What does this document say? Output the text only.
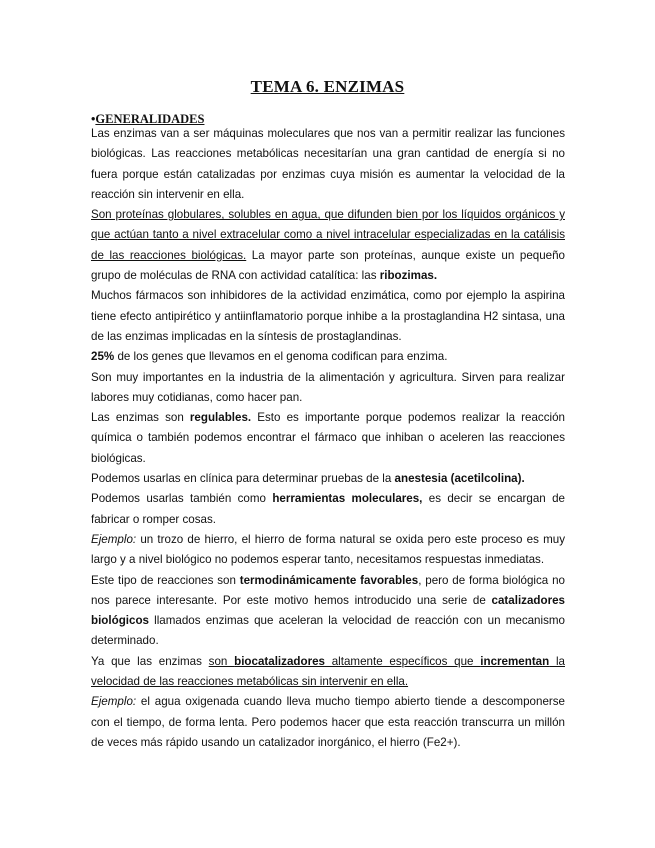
TEMA 6. ENZIMAS
•GENERALIDADES

Las enzimas van a ser máquinas moleculares que nos van a permitir realizar las funciones biológicas. Las reacciones metabólicas necesitarían una gran cantidad de energía si no fuera porque están catalizadas por enzimas cuya misión es aumentar la velocidad de la reacción sin intervenir en ella.

Son proteínas globulares, solubles en agua, que difunden bien por los líquidos orgánicos y que actúan tanto a nivel extracelular como a nivel intracelular especializadas en la catálisis de las reacciones biológicas. La mayor parte son proteínas, aunque existe un pequeño grupo de moléculas de RNA con actividad catalítica: las ribozimas.

Muchos fármacos son inhibidores de la actividad enzimática, como por ejemplo la aspirina tiene efecto antipirético y antiinflamatorio porque inhibe a la prostaglandina H2 sintasa, una de las enzimas implicadas en la síntesis de prostaglandinas.

25% de los genes que llevamos en el genoma codifican para enzima.

Son muy importantes en la industria de la alimentación y agricultura. Sirven para realizar labores muy cotidianas, como hacer pan.

Las enzimas son regulables. Esto es importante porque podemos realizar la reacción química o también podemos encontrar el fármaco que inhiban o aceleren las reacciones biológicas.

Podemos usarlas en clínica para determinar pruebas de la anestesia (acetilcolina).

Podemos usarlas también como herramientas moleculares, es decir se encargan de fabricar o romper cosas.

Ejemplo: un trozo de hierro, el hierro de forma natural se oxida pero este proceso es muy largo y a nivel biológico no podemos esperar tanto, necesitamos respuestas inmediatas.

Este tipo de reacciones son termodinámicamente favorables, pero de forma biológica no nos parece interesante. Por este motivo hemos introducido una serie de catalizadores biológicos llamados enzimas que aceleran la velocidad de reacción con un mecanismo determinado.

Ya que las enzimas son biocatalizadores altamente específicos que incrementan la velocidad de las reacciones metabólicas sin intervenir en ella.

Ejemplo: el agua oxigenada cuando lleva mucho tiempo abierto tiende a descomponerse con el tiempo, de forma lenta. Pero podemos hacer que esta reacción transcurra un millón de veces más rápido usando un catalizador inorgánico, el hierro (Fe2+).
